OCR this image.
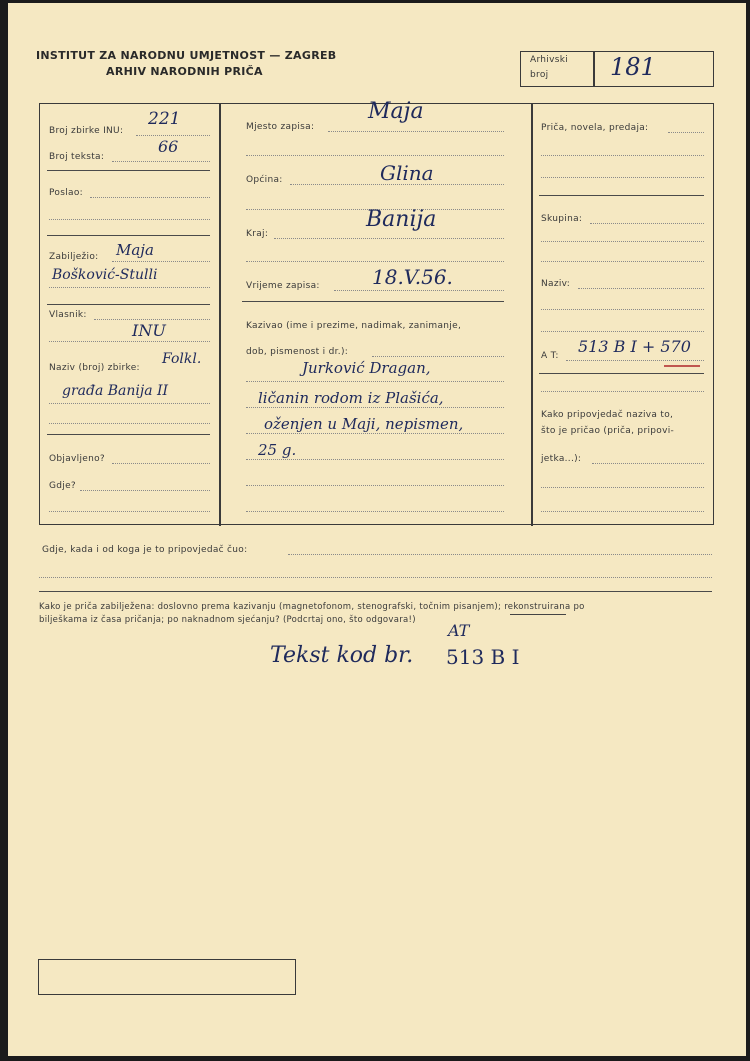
INSTITUT ZA NARODNU UMJETNOST — ZAGREB
ARHIV NARODNIH PRIČA
Arhivski
broj	181
Broj zbirke INU:
221
Broj teksta:
66
Poslao:
Zabilježio: Maja
Bošković-Stulli
Vlasnik:
INU
Naziv (broj) zbirke:
Folkl.
građa Banija II
Objavljeno?
Gdje?
Mjesto zapisa:
Maja
Općina:	Glina
Kraj:
Banija
Vrijeme zapisa:	18.V.56.
Kazivao (ime i prezime, nadimak, zanimanje,
dob, pismenost i dr.):
Jurković Dragan,
ličanin rodom iz Plašića,
oženjen u Maji, nepismen,
25 g.
Priča, novela, predaja:
Skupina:
Naziv:
A T: 513 B I + 570
Kako pripovjedač naziva to,
što je pričao (priča, pripovi-
jetka...):
Gdje, kada i od koga je to pripovjedač čuo:
Kako je priča zabilježena: doslovno prema kazivanju (magnetofonom, stenografski, točnim pisanjem); rekonstruirana po
bilješkama iz časa pričanja; po naknadnom sjećanju? (Podcrtaj ono, što odgovara!)
AT
Tekst kod br. 513 B I
